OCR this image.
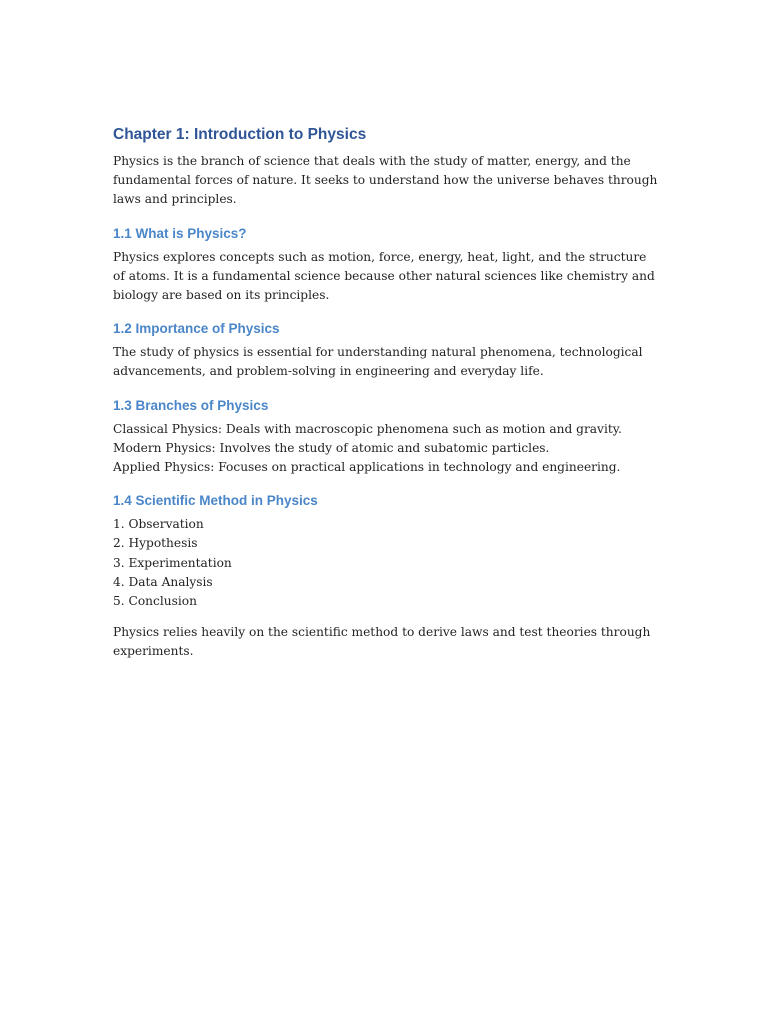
Chapter 1: Introduction to Physics

Physics is the branch of science that deals with the study of matter, energy, and the fundamental forces of nature. It seeks to understand how the universe behaves through laws and principles.

1.1 What is Physics?

Physics explores concepts such as motion, force, energy, heat, light, and the structure of atoms. It is a fundamental science because other natural sciences like chemistry and biology are based on its principles.

1.2 Importance of Physics

The study of physics is essential for understanding natural phenomena, technological advancements, and problem-solving in engineering and everyday life.

1.3 Branches of Physics
Classical Physics: Deals with macroscopic phenomena such as motion and gravity.
Modern Physics: Involves the study of atomic and subatomic particles.
Applied Physics: Focuses on practical applications in technology and engineering.
1.4 Scientific Method in Physics
1. Observation
2. Hypothesis
3. Experimentation
4. Data Analysis
5. Conclusion

Physics relies heavily on the scientific method to derive laws and test theories through experiments.
